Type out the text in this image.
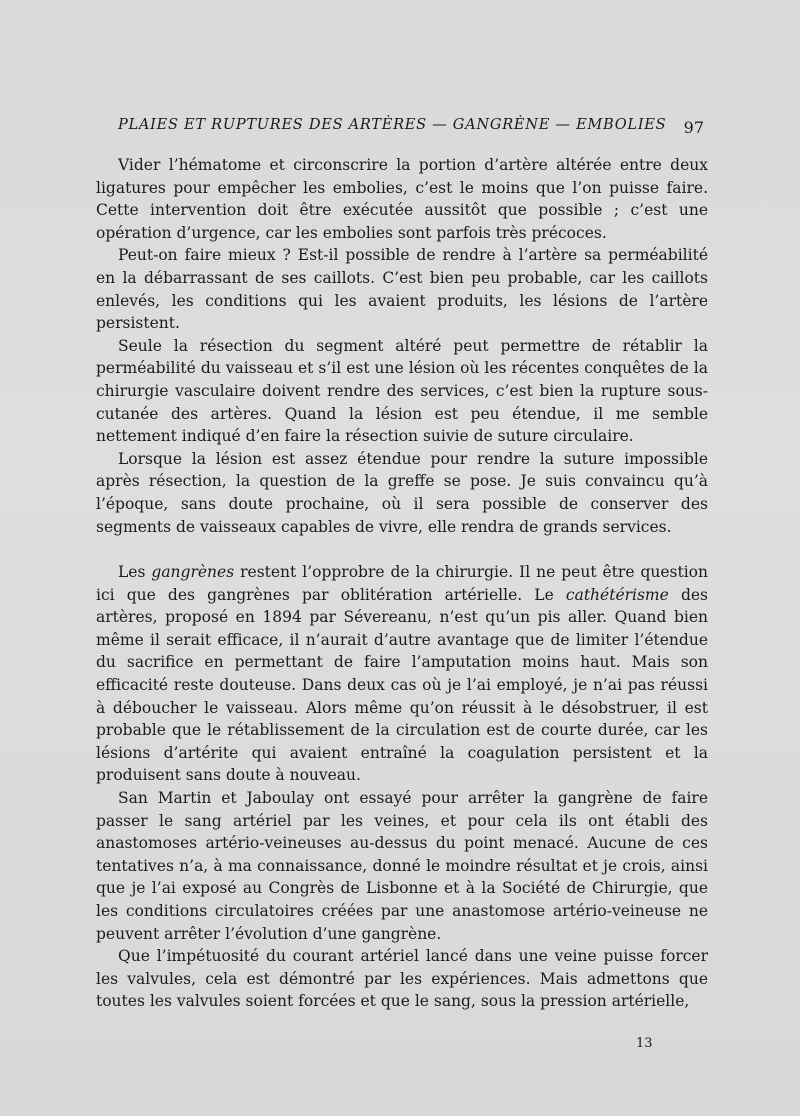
PLAIES ET RUPTURES DES ARTÈRES — GANGRÈNE — EMBOLIES 97

Vider l’hématome et circonscrire la portion d’artère altérée entre deux ligatures pour empêcher les embolies, c’est le moins que l’on puisse faire. Cette intervention doit être exécutée aussitôt que possible ; c’est une opération d’urgence, car les embolies sont parfois très précoces.

Peut-on faire mieux ? Est-il possible de rendre à l’artère sa perméabilité en la débarrassant de ses caillots. C’est bien peu probable, car les caillots enlevés, les conditions qui les avaient produits, les lésions de l’artère persistent.

Seule la résection du segment altéré peut permettre de rétablir la perméabilité du vaisseau et s’il est une lésion où les récentes conquêtes de la chirurgie vasculaire doivent rendre des services, c’est bien la rupture sous-cutanée des artères. Quand la lésion est peu étendue, il me semble nettement indiqué d’en faire la résection suivie de suture circulaire.

Lorsque la lésion est assez étendue pour rendre la suture impossible après résection, la question de la greffe se pose. Je suis convaincu qu’à l’époque, sans doute prochaine, où il sera possible de conserver des segments de vaisseaux capables de vivre, elle rendra de grands services.

Les gangrènes restent l’opprobre de la chirurgie. Il ne peut être question ici que des gangrènes par oblitération artérielle. Le cathétérisme des artères, proposé en 1894 par Sévereanu, n’est qu’un pis aller. Quand bien même il serait efficace, il n’aurait d’autre avantage que de limiter l’étendue du sacrifice en permettant de faire l’amputation moins haut. Mais son efficacité reste douteuse. Dans deux cas où je l’ai employé, je n’ai pas réussi à déboucher le vaisseau. Alors même qu’on réussit à le désobstruer, il est probable que le rétablissement de la circulation est de courte durée, car les lésions d’artérite qui avaient entraîné la coagulation persistent et la produisent sans doute à nouveau.

San Martin et Jaboulay ont essayé pour arrêter la gangrène de faire passer le sang artériel par les veines, et pour cela ils ont établi des anastomoses artério-veineuses au-dessus du point menacé. Aucune de ces tentatives n’a, à ma connaissance, donné le moindre résultat et je crois, ainsi que je l’ai exposé au Congrès de Lisbonne et à la Société de Chirurgie, que les conditions circulatoires créées par une anastomose artério-veineuse ne peuvent arrêter l’évolution d’une gangrène.

Que l’impétuosité du courant artériel lancé dans une veine puisse forcer les valvules, cela est démontré par les expériences. Mais admettons que toutes les valvules soient forcées et que le sang, sous la pression artérielle,

13
